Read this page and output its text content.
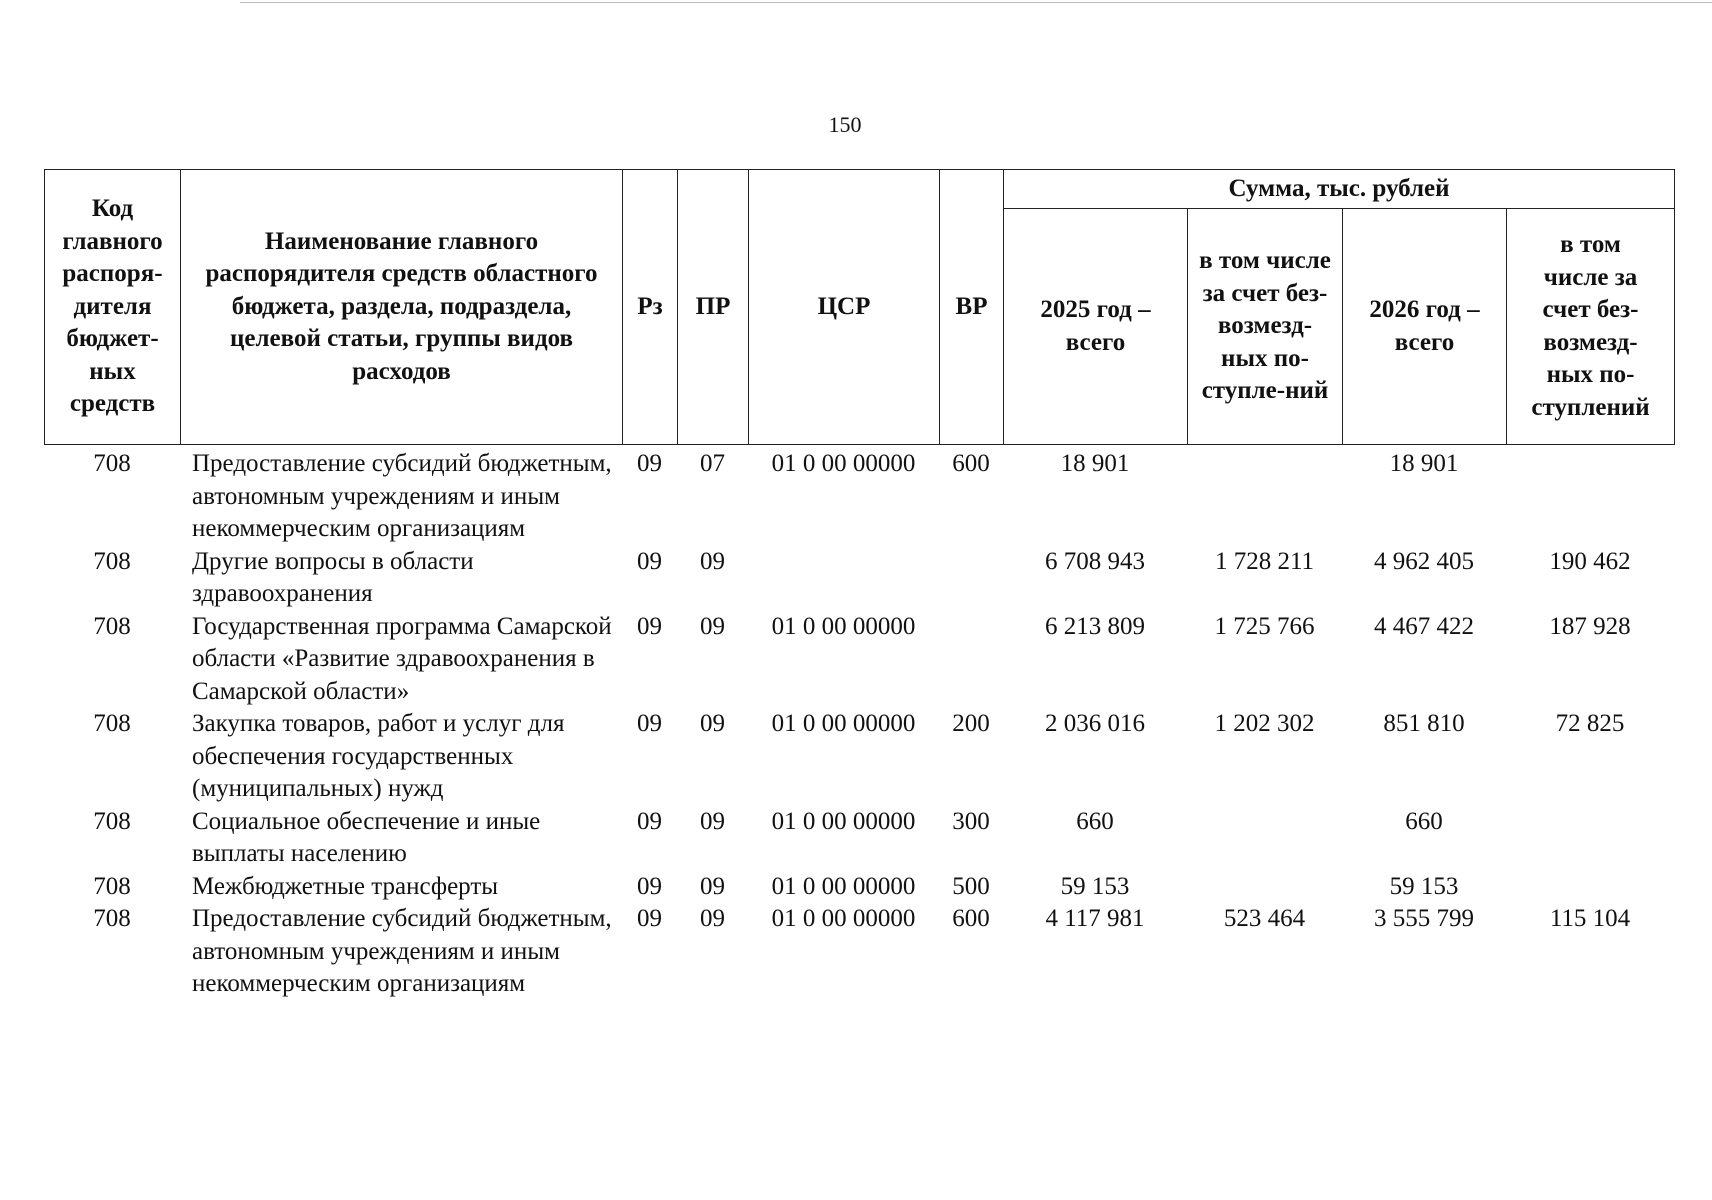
150
Код главного распоря-дителя бюджет-ных средств	Наименование главного распорядителя средств областного бюджета, раздела, подраздела, целевой статьи, группы видов расходов	Рз	ПР	ЦСР	ВР	Сумма, тыс. рублей			
						2025 год – всего	в том числе за счет без-возмезд-ных по-ступле-ний	2026 год – всего	в том числе за счет без-возмезд-ных по-ступлений
708	Предоставление субсидий бюджетным, автономным учреждениям и иным некоммерческим организациям	09	07	01 0 00 00000	600	18 901		18 901	
708	Другие вопросы в области здравоохранения	09	09			6 708 943	1 728 211	4 962 405	190 462
708	Государственная программа Самарской области «Развитие здравоохранения в Самарской области»	09	09	01 0 00 00000		6 213 809	1 725 766	4 467 422	187 928
708	Закупка товаров, работ и услуг для обеспечения государственных (муниципальных) нужд	09	09	01 0 00 00000	200	2 036 016	1 202 302	851 810	72 825
708	Социальное обеспечение и иные выплаты населению	09	09	01 0 00 00000	300	660		660	
708	Межбюджетные трансферты	09	09	01 0 00 00000	500	59 153		59 153	
708	Предоставление субсидий бюджетным, автономным учреждениям и иным некоммерческим организациям	09	09	01 0 00 00000	600	4 117 981	523 464	3 555 799	115 104
